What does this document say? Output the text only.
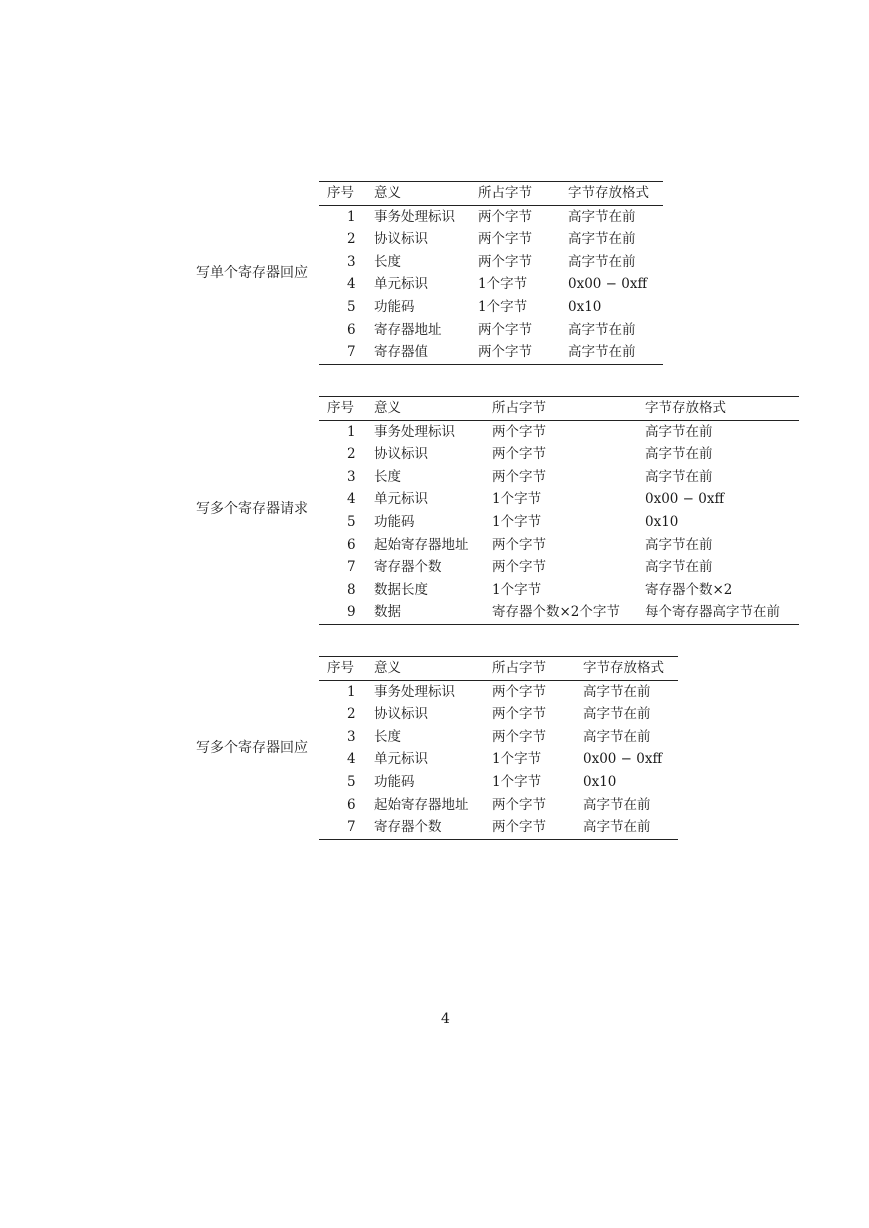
写单个寄存器回应
序号	意义	所占字节	字节存放格式
1	事务处理标识	两个字节	高字节在前
2	协议标识	两个字节	高字节在前
3	长度	两个字节	高字节在前
4	单元标识	1个字节	0x00 − 0xff
5	功能码	1个字节	0x10
6	寄存器地址	两个字节	高字节在前
7	寄存器值	两个字节	高字节在前
写多个寄存器请求
序号	意义	所占字节	字节存放格式
1	事务处理标识	两个字节	高字节在前
2	协议标识	两个字节	高字节在前
3	长度	两个字节	高字节在前
4	单元标识	1个字节	0x00 − 0xff
5	功能码	1个字节	0x10
6	起始寄存器地址	两个字节	高字节在前
7	寄存器个数	两个字节	高字节在前
8	数据长度	1个字节	寄存器个数×2
9	数据	寄存器个数×2个字节	每个寄存器高字节在前
写多个寄存器回应
序号	意义	所占字节	字节存放格式
1	事务处理标识	两个字节	高字节在前
2	协议标识	两个字节	高字节在前
3	长度	两个字节	高字节在前
4	单元标识	1个字节	0x00 − 0xff
5	功能码	1个字节	0x10
6	起始寄存器地址	两个字节	高字节在前
7	寄存器个数	两个字节	高字节在前
4
